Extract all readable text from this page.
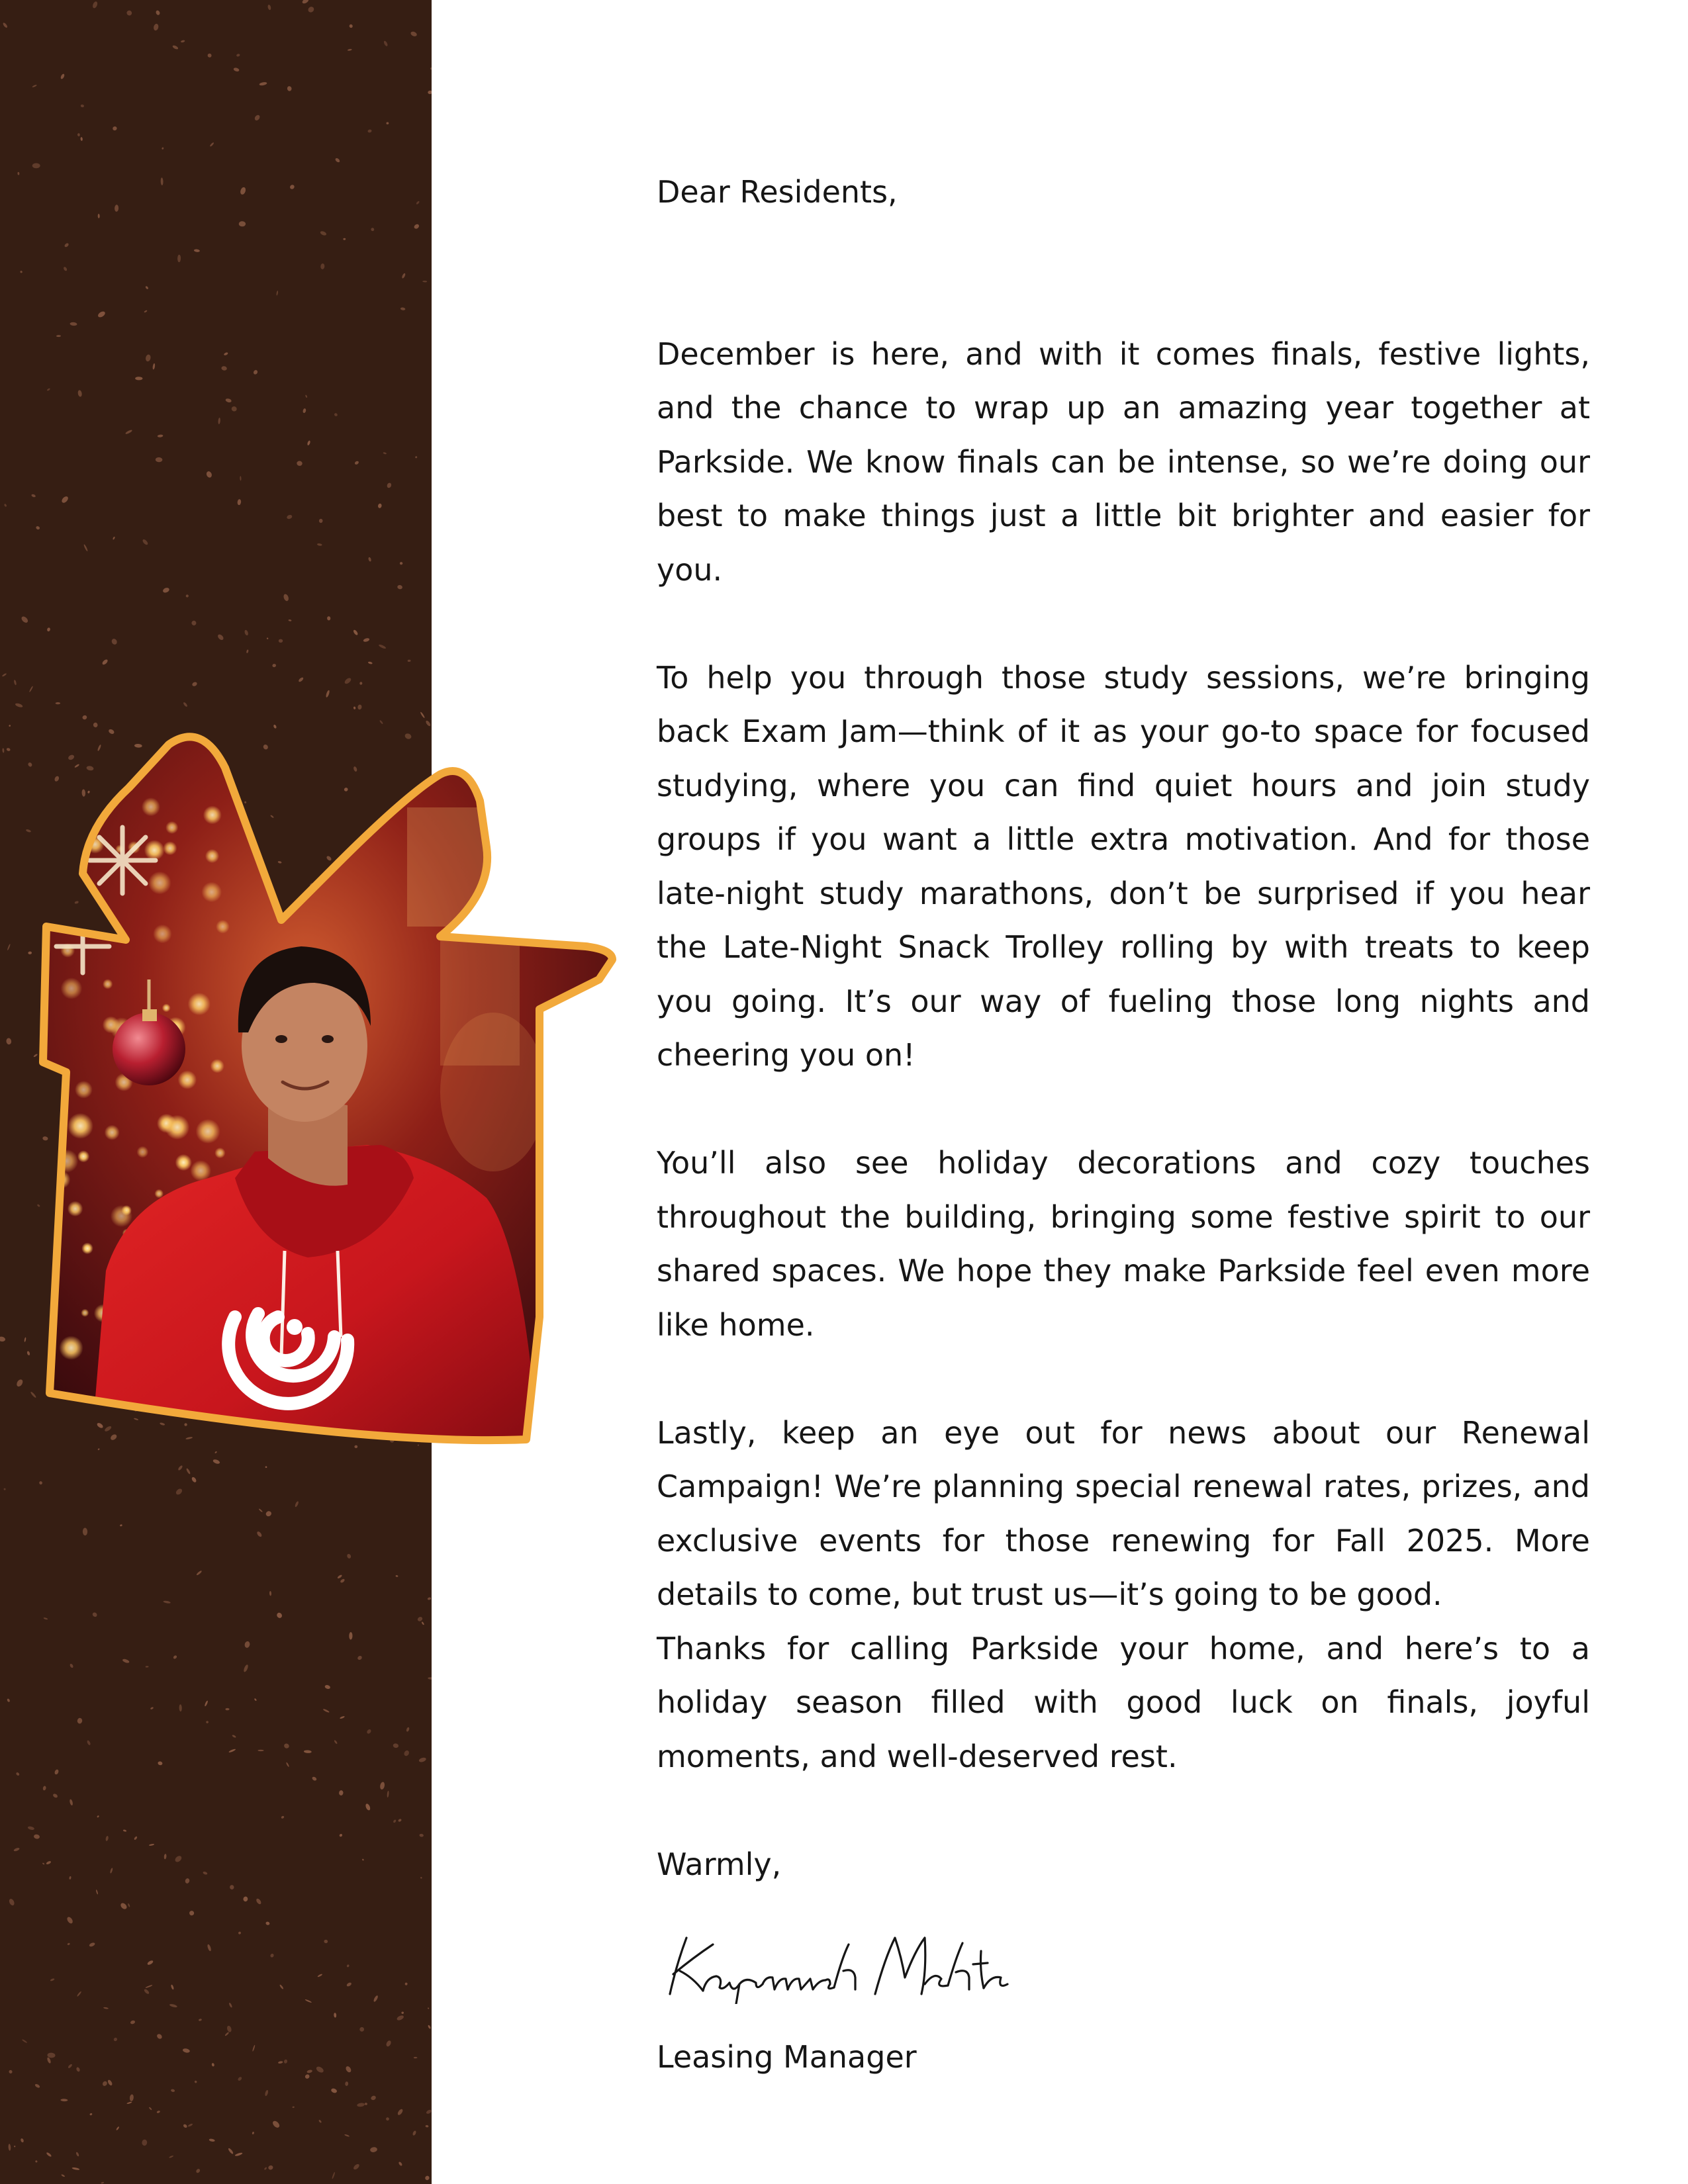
Dear Residents,

December is here, and with it comes finals, festive lights, and the chance to wrap up an amazing year together at Parkside. We know finals can be intense, so we’re doing our best to make things just a little bit brighter and easier for you.

To help you through those study sessions, we’re bringing back Exam Jam—think of it as your go-to space for focused studying, where you can find quiet hours and join study groups if you want a little extra motivation. And for those late-night study marathons, don’t be surprised if you hear the Late-Night Snack Trolley rolling by with treats to keep you going. It’s our way of fueling those long nights and cheering you on!

You’ll also see holiday decorations and cozy touches throughout the building, bringing some festive spirit to our shared spaces. We hope they make Parkside feel even more like home.

Lastly, keep an eye out for news about our Renewal Campaign! We’re planning special renewal rates, prizes, and exclusive events for those renewing for Fall 2025. More details to come, but trust us—it’s going to be good.

Thanks for calling Parkside your home, and here’s to a holiday season filled with good luck on finals, joyful moments, and well-deserved rest.

Warmly,

Leasing Manager
